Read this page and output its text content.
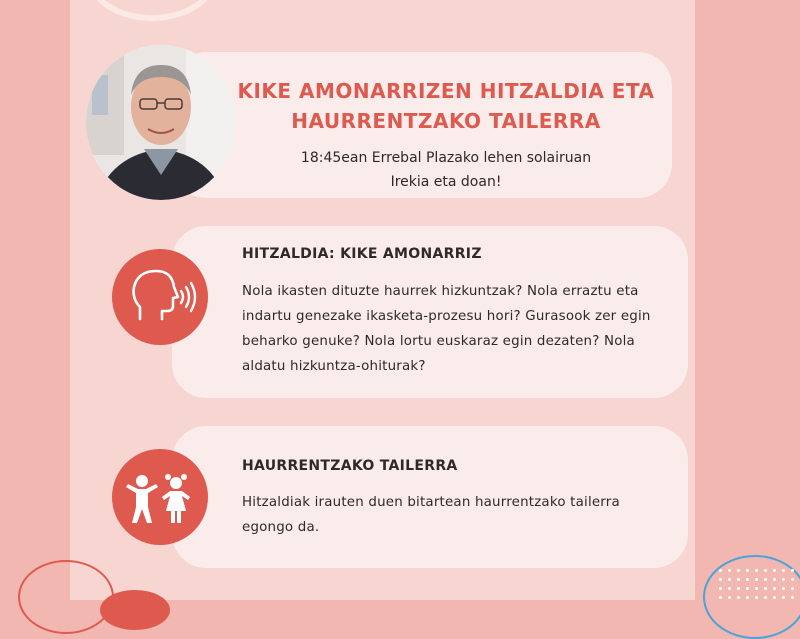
KIKE AMONARRIZEN HITZALDIA ETA
HAURRENTZAKO TAILERRA
18:45ean Errebal Plazako lehen solairuan
Irekia eta doan!
HITZALDIA: KIKE AMONARRIZ
Nola ikasten dituzte haurrek hizkuntzak? Nola erraztu eta indartu genezake ikasketa-prozesu hori? Gurasook zer egin beharko genuke? Nola lortu euskaraz egin dezaten? Nola aldatu hizkuntza-ohiturak?
HAURRENTZAKO TAILERRA
Hitzaldiak irauten duen bitartean haurrentzako tailerra egongo da.
